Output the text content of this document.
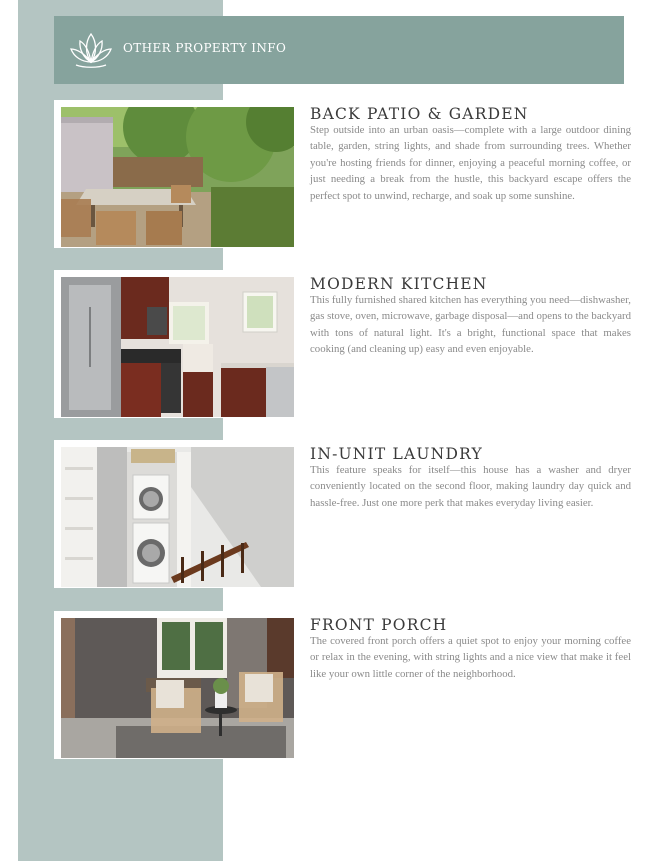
OTHER PROPERTY INFO
BACK PATIO & GARDEN

Step outside into an urban oasis—complete with a large outdoor dining table, garden, string lights, and shade from surrounding trees. Whether you're hosting friends for dinner, enjoying a peaceful morning coffee, or just needing a break from the hustle, this backyard escape offers the perfect spot to unwind, recharge, and soak up some sunshine.

MODERN KITCHEN

This fully furnished shared kitchen has everything you need—dishwasher, gas stove, oven, microwave, garbage disposal—and opens to the backyard with tons of natural light. It's a bright, functional space that makes cooking (and cleaning up) easy and even enjoyable.

IN-UNIT LAUNDRY

This feature speaks for itself—this house has a washer and dryer conveniently located on the second floor, making laundry day quick and hassle-free. Just one more perk that makes everyday living easier.

FRONT PORCH

The covered front porch offers a quiet spot to enjoy your morning coffee or relax in the evening, with string lights and a nice view that make it feel like your own little corner of the neighborhood.
